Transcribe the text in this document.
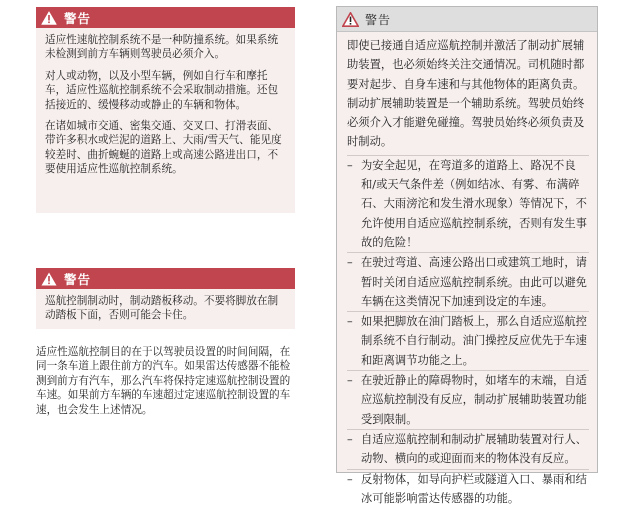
警告

适应性速航控制系统不是一种防撞系统。如果系统未检测到前方车辆则驾驶员必须介入。

对人或动物，以及小型车辆，例如自行车和摩托车，适应性巡航控制系统不会采取制动措施。还包括接近的、缓慢移动或静止的车辆和物体。

在诸如城市交通、密集交通、交叉口、打滑表面、带许多积水或烂泥的道路上、大雨/雪天气、能见度较差时、曲折蜿蜒的道路上或高速公路进出口，不要使用适应性巡航控制系统。

警告

巡航控制制动时，制动踏板移动。不要将脚放在制动踏板下面，否则可能会卡住。

适应性巡航控制目的在于以驾驶员设置的时间间隔，在同一条车道上跟住前方的汽车。如果雷达传感器不能检测到前方有汽车，那么汽车将保持定速巡航控制设置的车速。如果前方车辆的车速超过定速巡航控制设置的车速，也会发生上述情况。

警告

即使已接通自适应巡航控制并激活了制动扩展辅助装置，也必须始终关注交通情况。司机随时都要对起步、自身车速和与其他物体的距离负责。制动扩展辅助装置是一个辅助系统。驾驶员始终必须介入才能避免碰撞。驾驶员始终必须负责及时制动。

– 为安全起见，在弯道多的道路上、路况不良和/或天气条件差（例如结冰、有雾、布满碎石、大雨滂沱和发生滑水现象）等情况下，不允许使用自适应巡航控制系统，否则有发生事故的危险！
– 在驶过弯道、高速公路出口或建筑工地时，请暂时关闭自适应巡航控制系统。由此可以避免车辆在这类情况下加速到设定的车速。
– 如果把脚放在油门踏板上，那么自适应巡航控制系统不自行制动。油门操控反应优先于车速和距离调节功能之上。
– 在驶近静止的障碍物时，如堵车的末端，自适应巡航控制没有反应，制动扩展辅助装置功能受到限制。
– 自适应巡航控制和制动扩展辅助装置对行人、动物、横向的或迎面而来的物体没有反应。
– 反射物体，如导向护栏或隧道入口、暴雨和结冰可能影响雷达传感器的功能。
